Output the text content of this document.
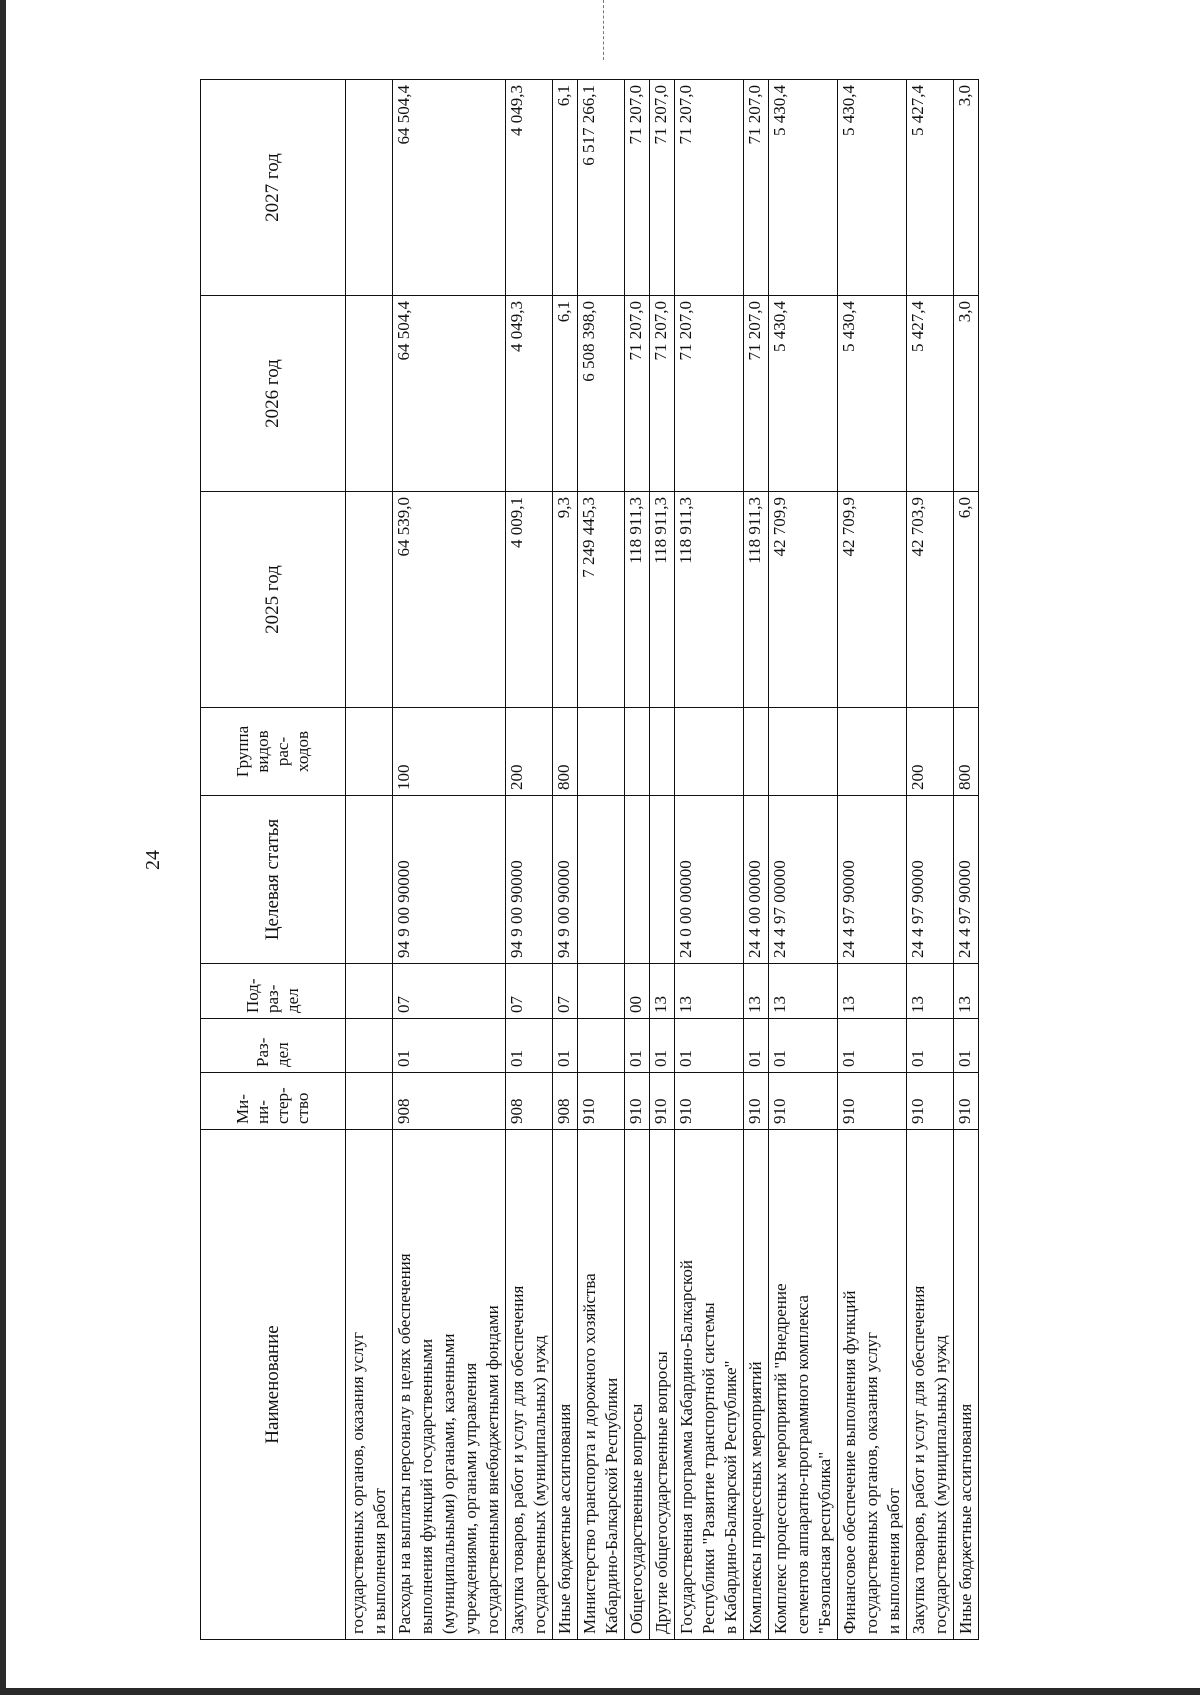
24
Наименование	Ми-
ни-
стер-
ство	Раз-
дел	Под-
раз-
дел	Целевая статья	Группа
видов
рас-
ходов	2025 год	2026 год	2027 год
государственных органов, оказания услуг
и выполнения работ								
Расходы на выплаты персоналу в целях обеспечения
выполнения функций государственными
(муниципальными) органами, казенными
учреждениями, органами управления
государственными внебюджетными фондами	908	01	07	94 9 00 90000	100	64 539,0	64 504,4	64 504,4
Закупка товаров, работ и услуг для обеспечения
государственных (муниципальных) нужд	908	01	07	94 9 00 90000	200	4 009,1	4 049,3	4 049,3
Иные бюджетные ассигнования	908	01	07	94 9 00 90000	800	9,3	6,1	6,1
Министерство транспорта и дорожного хозяйства
Кабардино-Балкарской Республики	910					7 249 445,3	6 508 398,0	6 517 266,1
Общегосударственные вопросы	910	01	00			118 911,3	71 207,0	71 207,0
Другие общегосударственные вопросы	910	01	13			118 911,3	71 207,0	71 207,0
Государственная программа Кабардино-Балкарской
Республики "Развитие транспортной системы
в Кабардино-Балкарской Республике"	910	01	13	24 0 00 00000		118 911,3	71 207,0	71 207,0
Комплексы процессных мероприятий	910	01	13	24 4 00 00000		118 911,3	71 207,0	71 207,0
Комплекс процессных мероприятий "Внедрение
сегментов аппаратно-программного комплекса
"Безопасная республика"	910	01	13	24 4 97 00000		42 709,9	5 430,4	5 430,4
Финансовое обеспечение выполнения функций
государственных органов, оказания услуг
и выполнения работ	910	01	13	24 4 97 90000		42 709,9	5 430,4	5 430,4
Закупка товаров, работ и услуг для обеспечения
государственных (муниципальных) нужд	910	01	13	24 4 97 90000	200	42 703,9	5 427,4	5 427,4
Иные бюджетные ассигнования	910	01	13	24 4 97 90000	800	6,0	3,0	3,0
